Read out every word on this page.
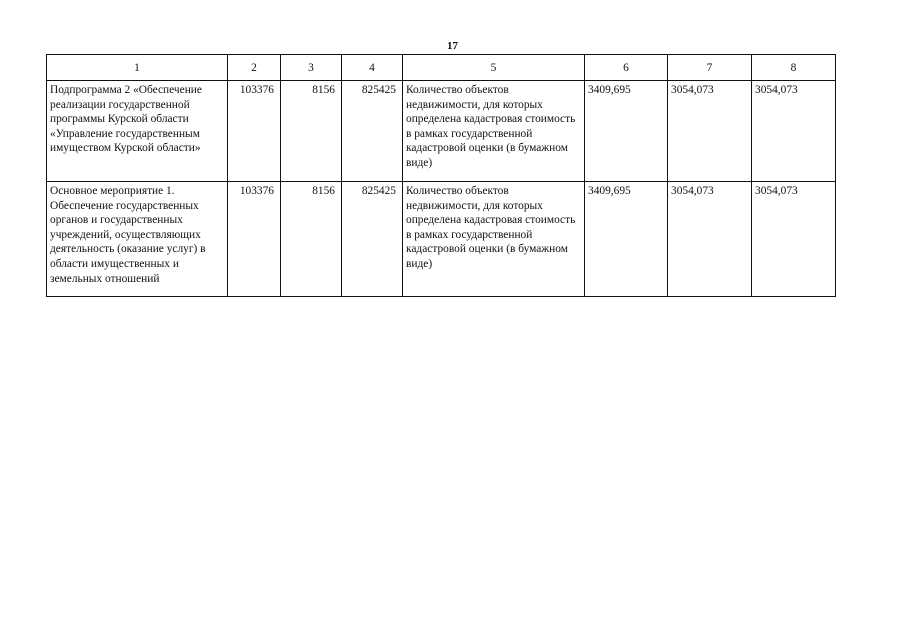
17
1	2	3	4	5	6	7	8
Подпрограмма 2 «Обеспечение реализации государственной программы Курской области «Управление государственным имуществом Курской области»	103376	8156	825425	Количество объектов недвижимости, для которых определена кадастровая стоимость в рамках государственной кадастровой оценки (в бумажном виде)	3409,695	3054,073	3054,073
Основное мероприятие 1. Обеспечение государственных органов и государственных учреждений, осуществляющих деятельность (оказание услуг) в области имущественных и земельных отношений	103376	8156	825425	Количество объектов недвижимости, для которых определена кадастровая стоимость в рамках государственной кадастровой оценки (в бумажном виде)	3409,695	3054,073	3054,073
